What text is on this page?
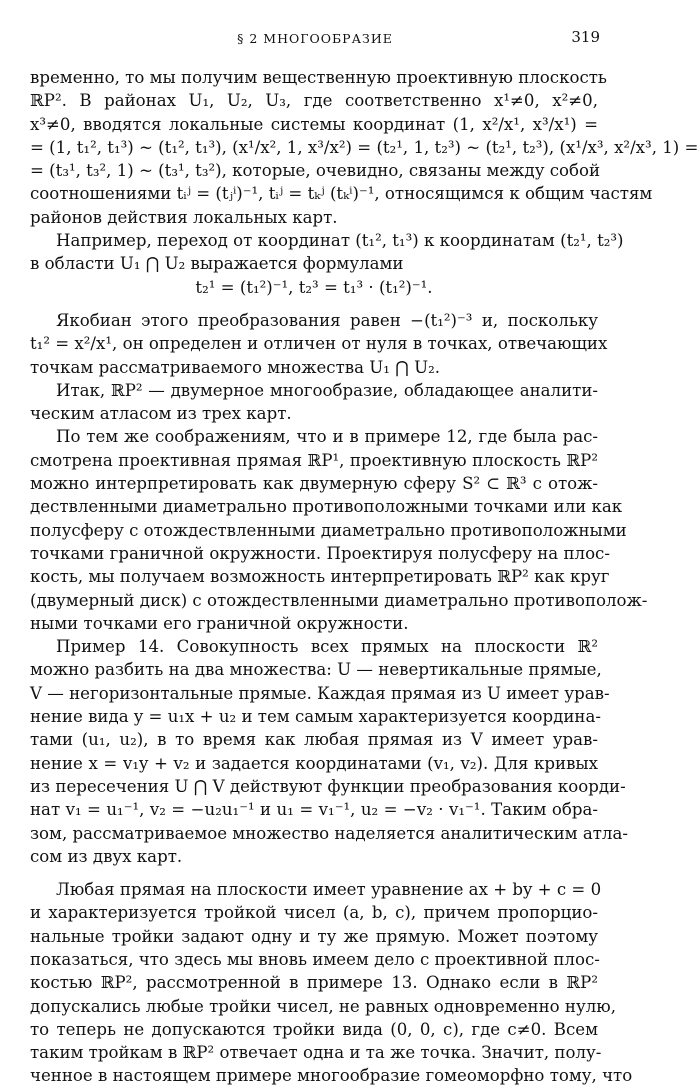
§ 2 МНОГООБРАЗИЕ	319
временно, то мы получим вещественную проективную плоскость
ℝP². В районах U₁, U₂, U₃, где соответственно x¹≠0, x²≠0,
x³≠0, вводятся локальные системы координат (1, x²/x¹, x³/x¹) =
= (1, t₁², t₁³) ~ (t₁², t₁³), (x¹/x², 1, x³/x²) = (t₂¹, 1, t₂³) ~ (t₂¹, t₂³), (x¹/x³, x²/x³, 1) =
= (t₃¹, t₃², 1) ~ (t₃¹, t₃²), которые, очевидно, связаны между собой
соотношениями tᵢʲ = (tⱼⁱ)⁻¹, tᵢʲ = tₖʲ (tₖⁱ)⁻¹, относящимся к общим частям
районов действия локальных карт.
Например, переход от координат (t₁², t₁³) к координатам (t₂¹, t₂³)
в области U₁ ⋂ U₂ выражается формулами
t₂¹ = (t₁²)⁻¹, t₂³ = t₁³ · (t₁²)⁻¹.
Якобиан этого преобразования равен −(t₁²)⁻³ и, поскольку
t₁² = x²/x¹, он определен и отличен от нуля в точках, отвечающих
точкам рассматриваемого множества U₁ ⋂ U₂.
Итак, ℝP² — двумерное многообразие, обладающее аналити-
ческим атласом из трех карт.
По тем же соображениям, что и в примере 12, где была рас-
смотрена проективная прямая ℝP¹, проективную плоскость ℝP²
можно интерпретировать как двумерную сферу S² ⊂ ℝ³ с отож-
дествленными диаметрально противоположными точками или как
полусферу с отождествленными диаметрально противоположными
точками граничной окружности. Проектируя полусферу на плос-
кость, мы получаем возможность интерпретировать ℝP² как круг
(двумерный диск) с отождествленными диаметрально противополож-
ными точками его граничной окружности.
Пример 14. Совокупность всех прямых на плоскости ℝ²
можно разбить на два множества: U — невертикальные прямые,
V — негоризонтальные прямые. Каждая прямая из U имеет урав-
нение вида y = u₁x + u₂ и тем самым характеризуется координа-
тами (u₁, u₂), в то время как любая прямая из V имеет урав-
нение x = v₁y + v₂ и задается координатами (v₁, v₂). Для кривых
из пересечения U ⋂ V действуют функции преобразования коорди-
нат v₁ = u₁⁻¹, v₂ = −u₂u₁⁻¹ и u₁ = v₁⁻¹, u₂ = −v₂ · v₁⁻¹. Таким обра-
зом, рассматриваемое множество наделяется аналитическим атла-
сом из двух карт.
Любая прямая на плоскости имеет уравнение ax + by + c = 0
и характеризуется тройкой чисел (a, b, c), причем пропорцио-
нальные тройки задают одну и ту же прямую. Может поэтому
показаться, что здесь мы вновь имеем дело с проективной плос-
костью ℝP², рассмотренной в примере 13. Однако если в ℝP²
допускались любые тройки чисел, не равных одновременно нулю,
то теперь не допускаются тройки вида (0, 0, c), где c≠0. Всем
таким тройкам в ℝP² отвечает одна и та же точка. Значит, полу-
ченное в настоящем примере многообразие гомеоморфно тому, что
